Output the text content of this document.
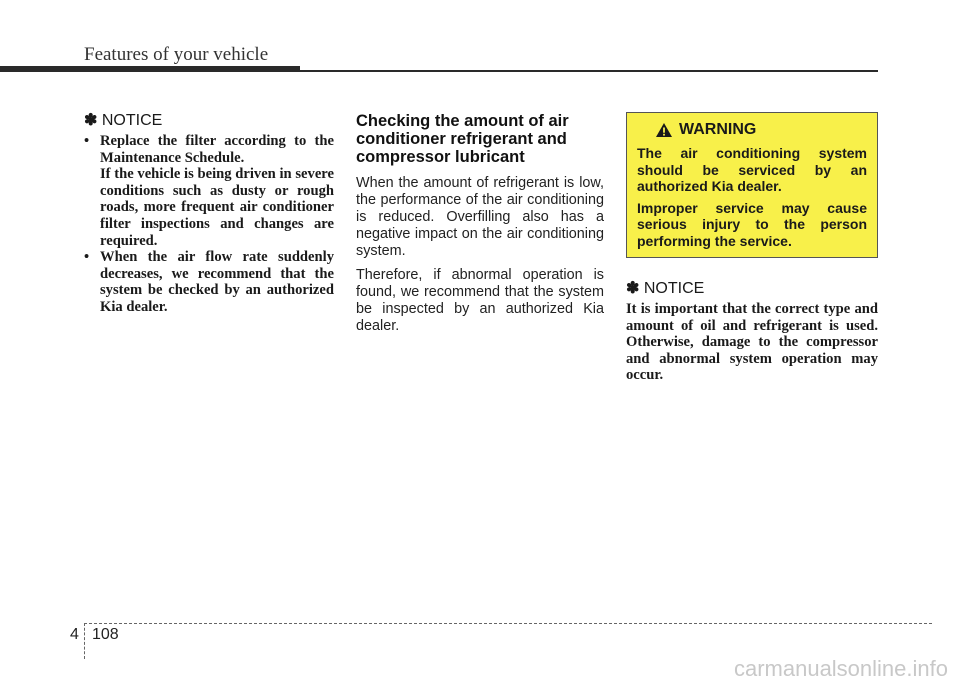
Features of your vehicle
✽ NOTICE
• Replace the filter according to the Maintenance Schedule.
If the vehicle is being driven in severe conditions such as dusty or rough roads, more frequent air conditioner filter inspections and changes are required.
• When the air flow rate suddenly decreases, we recommend that the system be checked by an authorized Kia dealer.
Checking the amount of air conditioner refrigerant and compressor lubricant

When the amount of refrigerant is low, the performance of the air conditioning is reduced. Overfilling also has a negative impact on the air conditioning system.

Therefore, if abnormal operation is found, we recommend that the system be inspected by an authorized Kia dealer.

WARNING

The air conditioning system should be serviced by an authorized Kia dealer.

Improper service may cause serious injury to the person performing the service.

✽ NOTICE

It is important that the correct type and amount of oil and refrigerant is used. Otherwise, damage to the compressor and abnormal system operation may occur.

4 108
carmanualsonline.info
